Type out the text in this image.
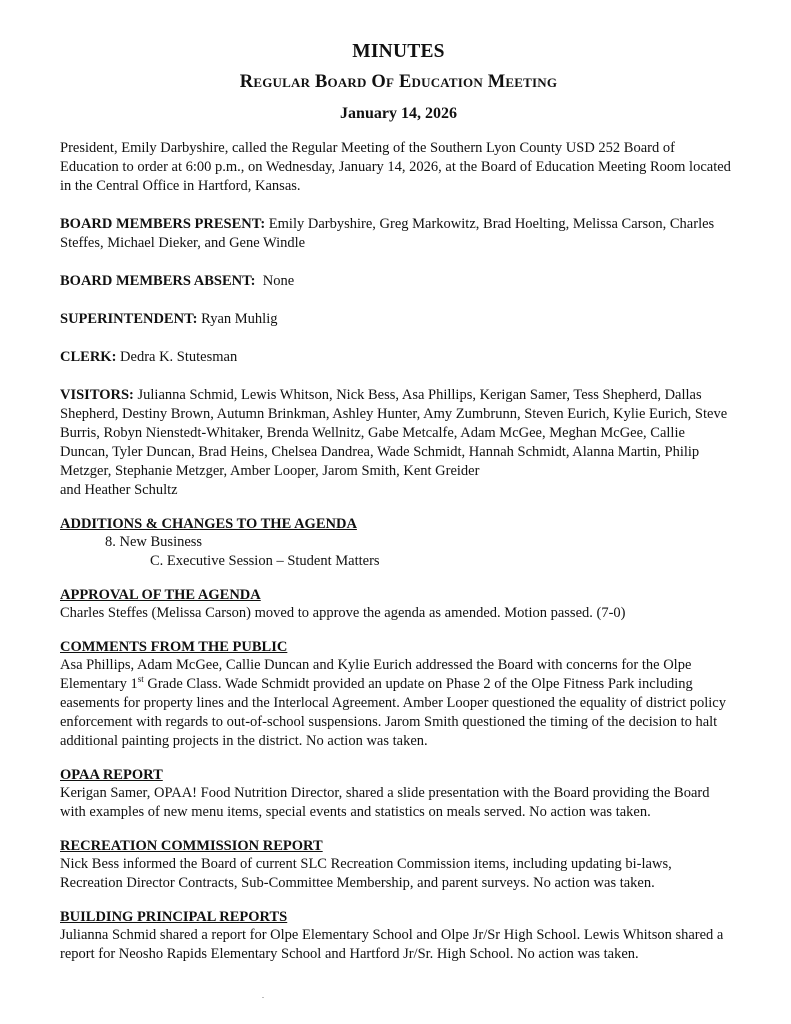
MINUTES
Regular Board Of Education Meeting
January 14, 2026

President, Emily Darbyshire, called the Regular Meeting of the Southern Lyon County USD 252 Board of Education to order at 6:00 p.m., on Wednesday, January 14, 2026, at the Board of Education Meeting Room located in the Central Office in Hartford, Kansas.

BOARD MEMBERS PRESENT: Emily Darbyshire, Greg Markowitz, Brad Hoelting, Melissa Carson, Charles Steffes, Michael Dieker, and Gene Windle

BOARD MEMBERS ABSENT: None

SUPERINTENDENT: Ryan Muhlig

CLERK: Dedra K. Stutesman

VISITORS: Julianna Schmid, Lewis Whitson, Nick Bess, Asa Phillips, Kerigan Samer, Tess Shepherd, Dallas Shepherd, Destiny Brown, Autumn Brinkman, Ashley Hunter, Amy Zumbrunn, Steven Eurich, Kylie Eurich, Steve Burris, Robyn Nienstedt-Whitaker, Brenda Wellnitz, Gabe Metcalfe, Adam McGee, Meghan McGee, Callie Duncan, Tyler Duncan, Brad Heins, Chelsea Dandrea, Wade Schmidt, Hannah Schmidt, Alanna Martin, Philip Metzger, Stephanie Metzger, Amber Looper, Jarom Smith, Kent Greider
and Heather Schultz

ADDITIONS & CHANGES TO THE AGENDA

8. New Business

C. Executive Session – Student Matters

APPROVAL OF THE AGENDA

Charles Steffes (Melissa Carson) moved to approve the agenda as amended. Motion passed. (7-0)

COMMENTS FROM THE PUBLIC

Asa Phillips, Adam McGee, Callie Duncan and Kylie Eurich addressed the Board with concerns for the Olpe Elementary 1st Grade Class. Wade Schmidt provided an update on Phase 2 of the Olpe Fitness Park including easements for property lines and the Interlocal Agreement. Amber Looper questioned the equality of district policy enforcement with regards to out-of-school suspensions. Jarom Smith questioned the timing of the decision to halt additional painting projects in the district. No action was taken.

OPAA REPORT

Kerigan Samer, OPAA! Food Nutrition Director, shared a slide presentation with the Board providing the Board with examples of new menu items, special events and statistics on meals served. No action was taken.

RECREATION COMMISSION REPORT

Nick Bess informed the Board of current SLC Recreation Commission items, including updating bi-laws, Recreation Director Contracts, Sub-Committee Membership, and parent surveys. No action was taken.

BUILDING PRINCIPAL REPORTS

Julianna Schmid shared a report for Olpe Elementary School and Olpe Jr/Sr High School. Lewis Whitson shared a report for Neosho Rapids Elementary School and Hartford Jr/Sr. High School. No action was taken.
